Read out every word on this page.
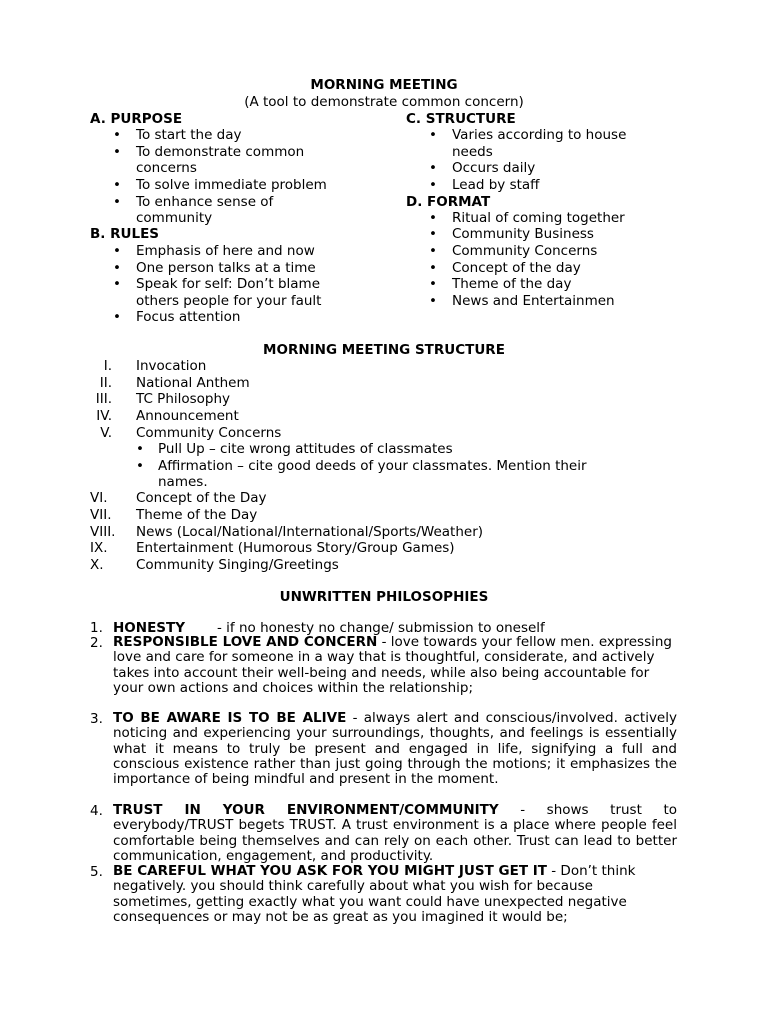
MORNING MEETING
(A tool to demonstrate common concern)
A. PURPOSE
• To start the day
• To demonstrate common
concerns
• To solve immediate problem
• To enhance sense of
community
B. RULES
• Emphasis of here and now
• One person talks at a time
• Speak for self: Don’t blame
others people for your fault
• Focus attention
C. STRUCTURE
• Varies according to house
needs
• Occurs daily
• Lead by staff
D. FORMAT
• Ritual of coming together
• Community Business
• Community Concerns
• Concept of the day
• Theme of the day
• News and Entertainmen
MORNING MEETING STRUCTURE
I. Invocation
II. National Anthem
III. TC Philosophy
IV. Announcement
V. Community Concerns
• Pull Up – cite wrong attitudes of classmates
• Affirmation – cite good deeds of your classmates. Mention their
names.
VI. Concept of the Day
VII. Theme of the Day
VIII. News (Local/National/International/Sports/Weather)
IX. Entertainment (Humorous Story/Group Games)
X. Community Singing/Greetings
UNWRITTEN PHILOSOPHIES
1. HONESTY - if no honesty no change/ submission to oneself
2. RESPONSIBLE LOVE AND CONCERN - love towards your fellow men. expressing love and care for someone in a way that is thoughtful, considerate, and actively takes into account their well-being and needs, while also being accountable for your own actions and choices within the relationship;
3. TO BE AWARE IS TO BE ALIVE - always alert and conscious/involved. actively noticing and experiencing your surroundings, thoughts, and feelings is essentially what it means to truly be present and engaged in life, signifying a full and conscious existence rather than just going through the motions; it emphasizes the importance of being mindful and present in the moment.
4. TRUST IN YOUR ENVIRONMENT/COMMUNITY - shows trust to everybody/TRUST begets TRUST. A trust environment is a place where people feel comfortable being themselves and can rely on each other. Trust can lead to better communication, engagement, and productivity.
5. BE CAREFUL WHAT YOU ASK FOR YOU MIGHT JUST GET IT - Don’t think negatively. you should think carefully about what you wish for because sometimes, getting exactly what you want could have unexpected negative consequences or may not be as great as you imagined it would be;
